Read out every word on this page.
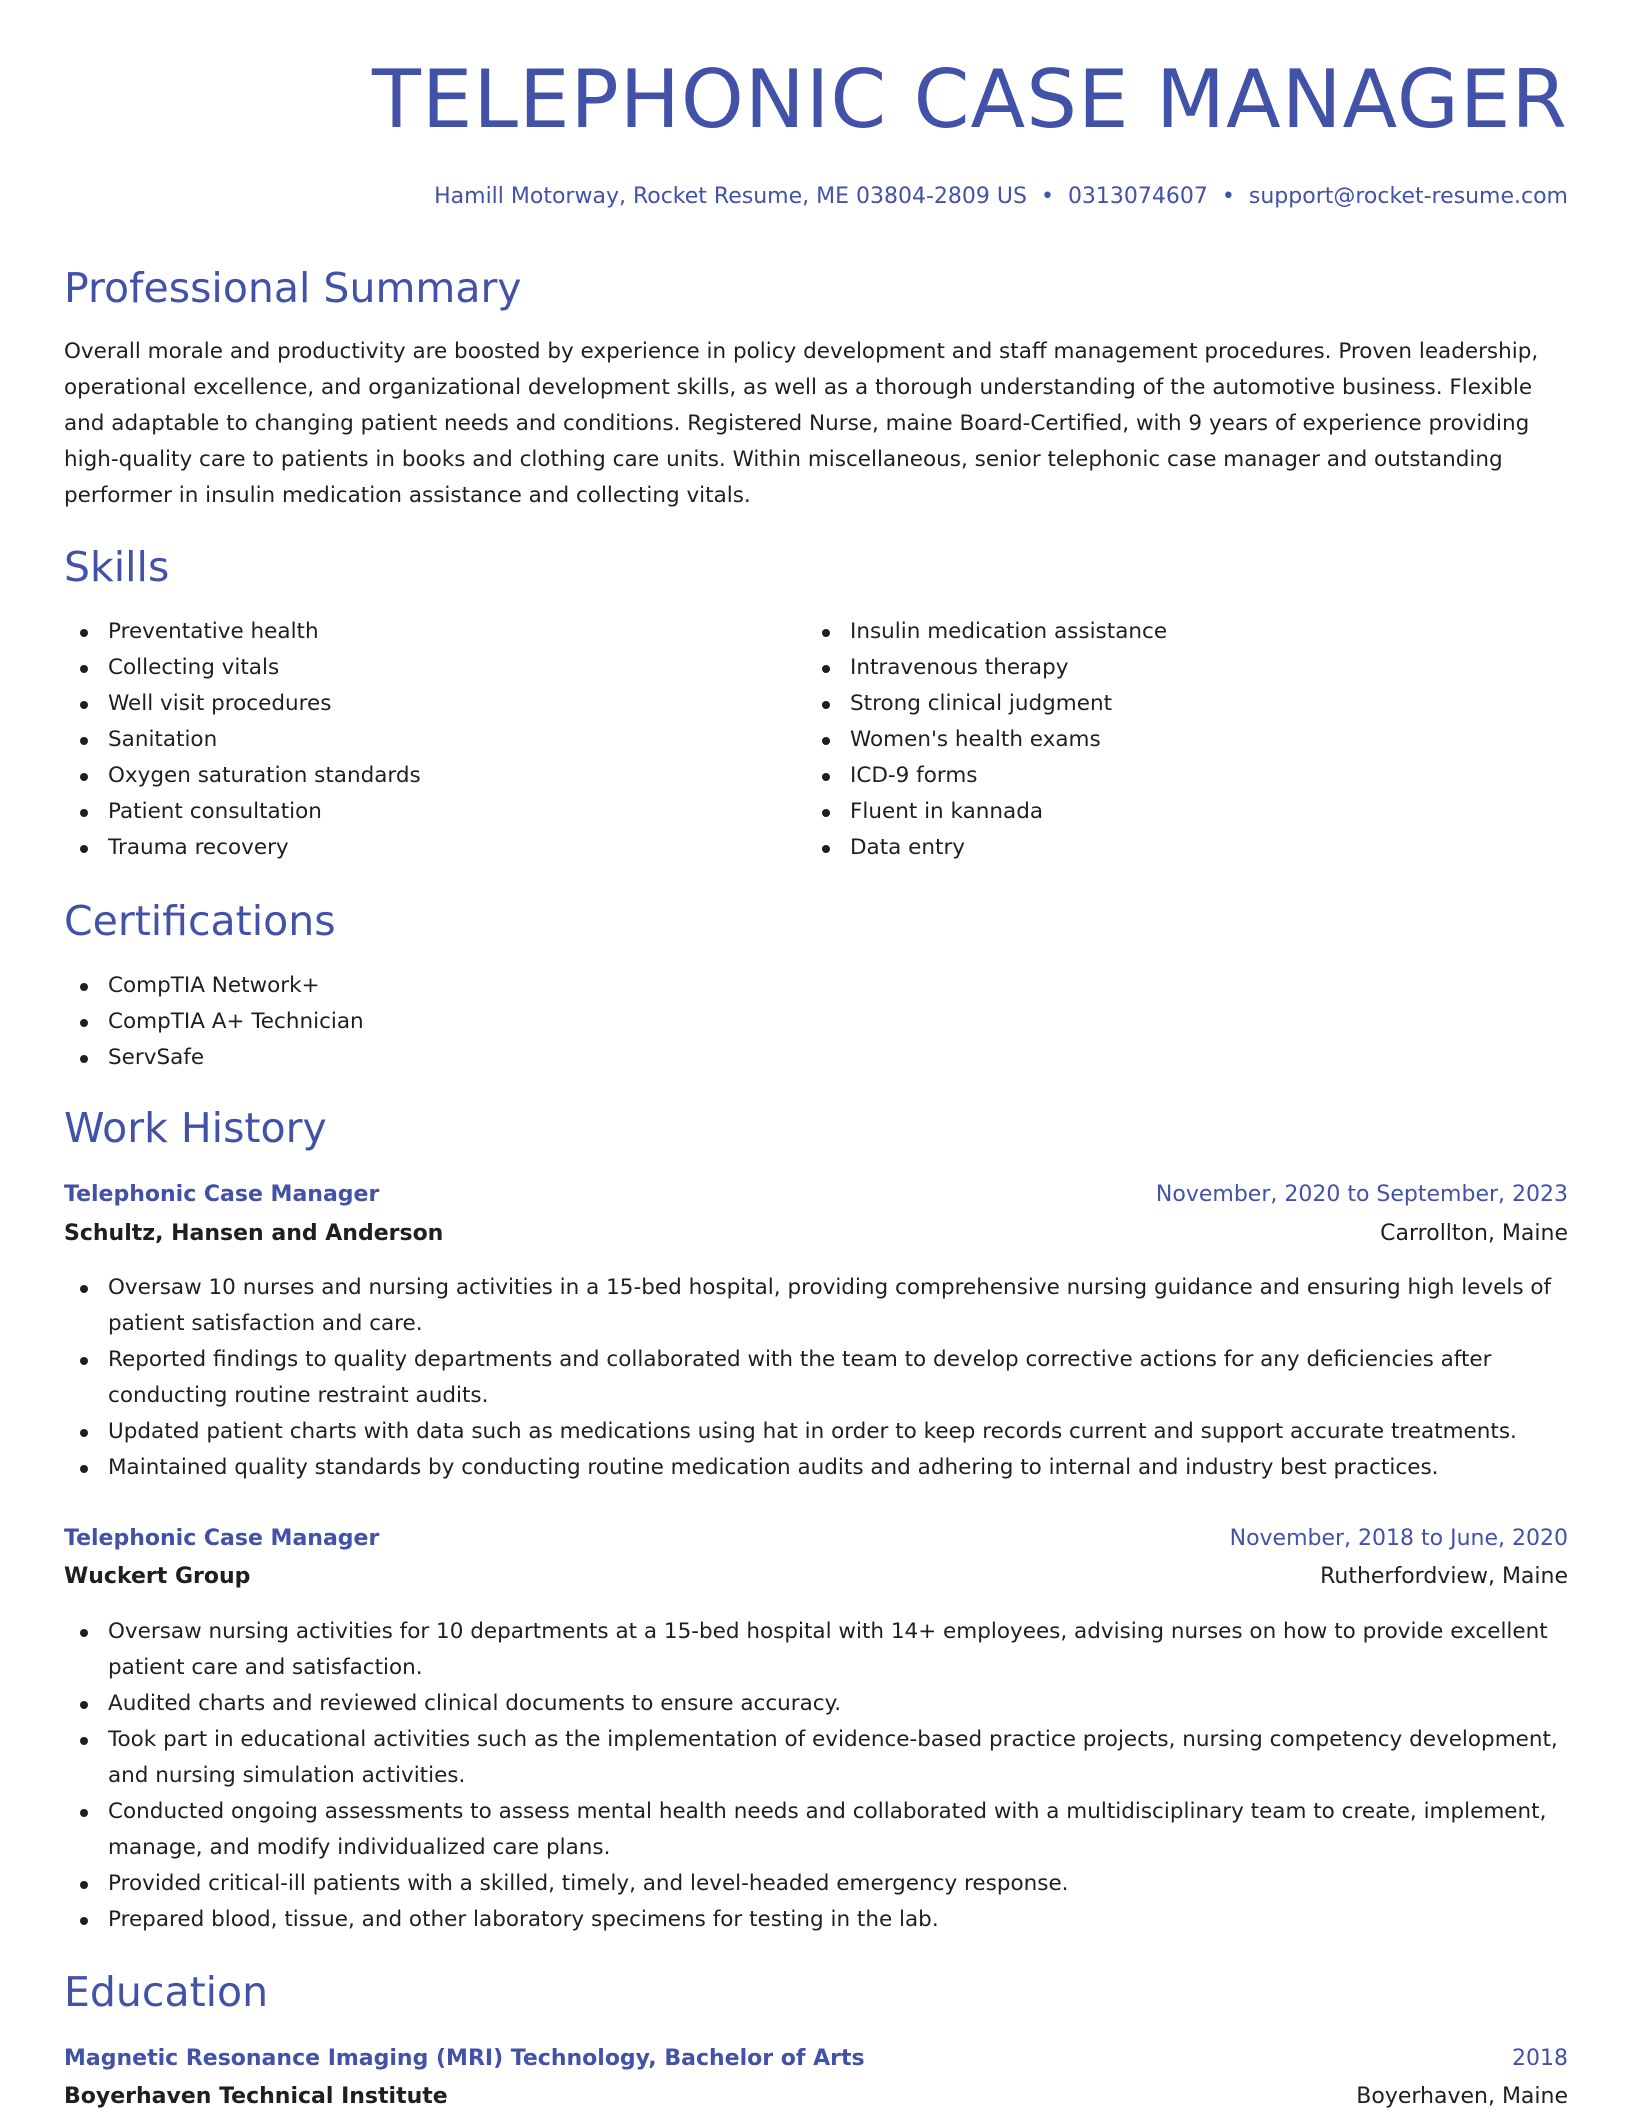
TELEPHONIC CASE MANAGER
Hamill Motorway, Rocket Resume, ME 03804-2809 US • 0313074607 • support@rocket-resume.com
Professional Summary
Overall morale and productivity are boosted by experience in policy development and staff management procedures. Proven leadership, operational excellence, and organizational development skills, as well as a thorough understanding of the automotive business. Flexible and adaptable to changing patient needs and conditions. Registered Nurse, maine Board-Certified, with 9 years of experience providing high-quality care to patients in books and clothing care units. Within miscellaneous, senior telephonic case manager and outstanding performer in insulin medication assistance and collecting vitals.
Skills
Preventative health
Collecting vitals
Well visit procedures
Sanitation
Oxygen saturation standards
Patient consultation
Trauma recovery
Insulin medication assistance
Intravenous therapy
Strong clinical judgment
Women's health exams
ICD-9 forms
Fluent in kannada
Data entry
Certifications
CompTIA Network+
CompTIA A+ Technician
ServSafe
Work History
Telephonic Case Manager	November, 2020 to September, 2023
Schultz, Hansen and Anderson	Carrollton, Maine
Oversaw 10 nurses and nursing activities in a 15-bed hospital, providing comprehensive nursing guidance and ensuring high levels of patient satisfaction and care.
Reported findings to quality departments and collaborated with the team to develop corrective actions for any deficiencies after conducting routine restraint audits.
Updated patient charts with data such as medications using hat in order to keep records current and support accurate treatments.
Maintained quality standards by conducting routine medication audits and adhering to internal and industry best practices.
Telephonic Case Manager	November, 2018 to June, 2020
Wuckert Group	Rutherfordview, Maine
Oversaw nursing activities for 10 departments at a 15-bed hospital with 14+ employees, advising nurses on how to provide excellent patient care and satisfaction.
Audited charts and reviewed clinical documents to ensure accuracy.
Took part in educational activities such as the implementation of evidence-based practice projects, nursing competency development, and nursing simulation activities.
Conducted ongoing assessments to assess mental health needs and collaborated with a multidisciplinary team to create, implement, manage, and modify individualized care plans.
Provided critical-ill patients with a skilled, timely, and level-headed emergency response.
Prepared blood, tissue, and other laboratory specimens for testing in the lab.
Education
Magnetic Resonance Imaging (MRI) Technology, Bachelor of Arts	2018
Boyerhaven Technical Institute	Boyerhaven, Maine
